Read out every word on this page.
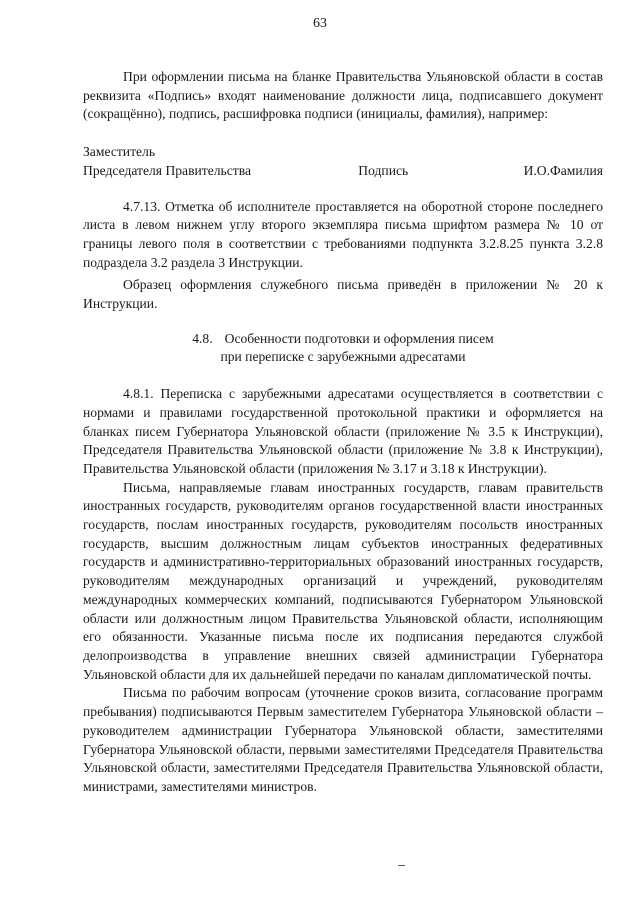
63

При оформлении письма на бланке Правительства Ульяновской области в состав реквизита «Подпись» входят наименование должности лица, подписавшего документ (сокращённо), подпись, расшифровка подписи (инициалы, фамилия), например:

Заместитель
Председателя Правительства	Подпись	И.О.Фамилия

4.7.13. Отметка об исполнителе проставляется на оборотной стороне последнего листа в левом нижнем углу второго экземпляра письма шрифтом размера № 10 от границы левого поля в соответствии с требованиями подпункта 3.2.8.25 пункта 3.2.8 подраздела 3.2 раздела 3 Инструкции.

Образец оформления служебного письма приведён в приложении № 20 к Инструкции.

4.8. Особенности подготовки и оформления писем
при переписке с зарубежными адресатами

4.8.1. Переписка с зарубежными адресатами осуществляется в соответствии с нормами и правилами государственной протокольной практики и оформляется на бланках писем Губернатора Ульяновской области (приложение № 3.5 к Инструкции), Председателя Правительства Ульяновской области (приложение № 3.8 к Инструкции), Правительства Ульяновской области (приложения № 3.17 и 3.18 к Инструкции).

Письма, направляемые главам иностранных государств, главам правительств иностранных государств, руководителям органов государственной власти иностранных государств, послам иностранных государств, руководителям посольств иностранных государств, высшим должностным лицам субъектов иностранных федеративных государств и административно-территориальных образований иностранных государств, руководителям международных организаций и учреждений, руководителям международных коммерческих компаний, подписываются Губернатором Ульяновской области или должностным лицом Правительства Ульяновской области, исполняющим его обязанности. Указанные письма после их подписания передаются службой делопроизводства в управление внешних связей администрации Губернатора Ульяновской области для их дальнейшей передачи по каналам дипломатической почты.

Письма по рабочим вопросам (уточнение сроков визита, согласование программ пребывания) подписываются Первым заместителем Губернатора Ульяновской области – руководителем администрации Губернатора Ульяновской области, заместителями Губернатора Ульяновской области, первыми заместителями Председателя Правительства Ульяновской области, заместителями Председателя Правительства Ульяновской области, министрами, заместителями министров.
